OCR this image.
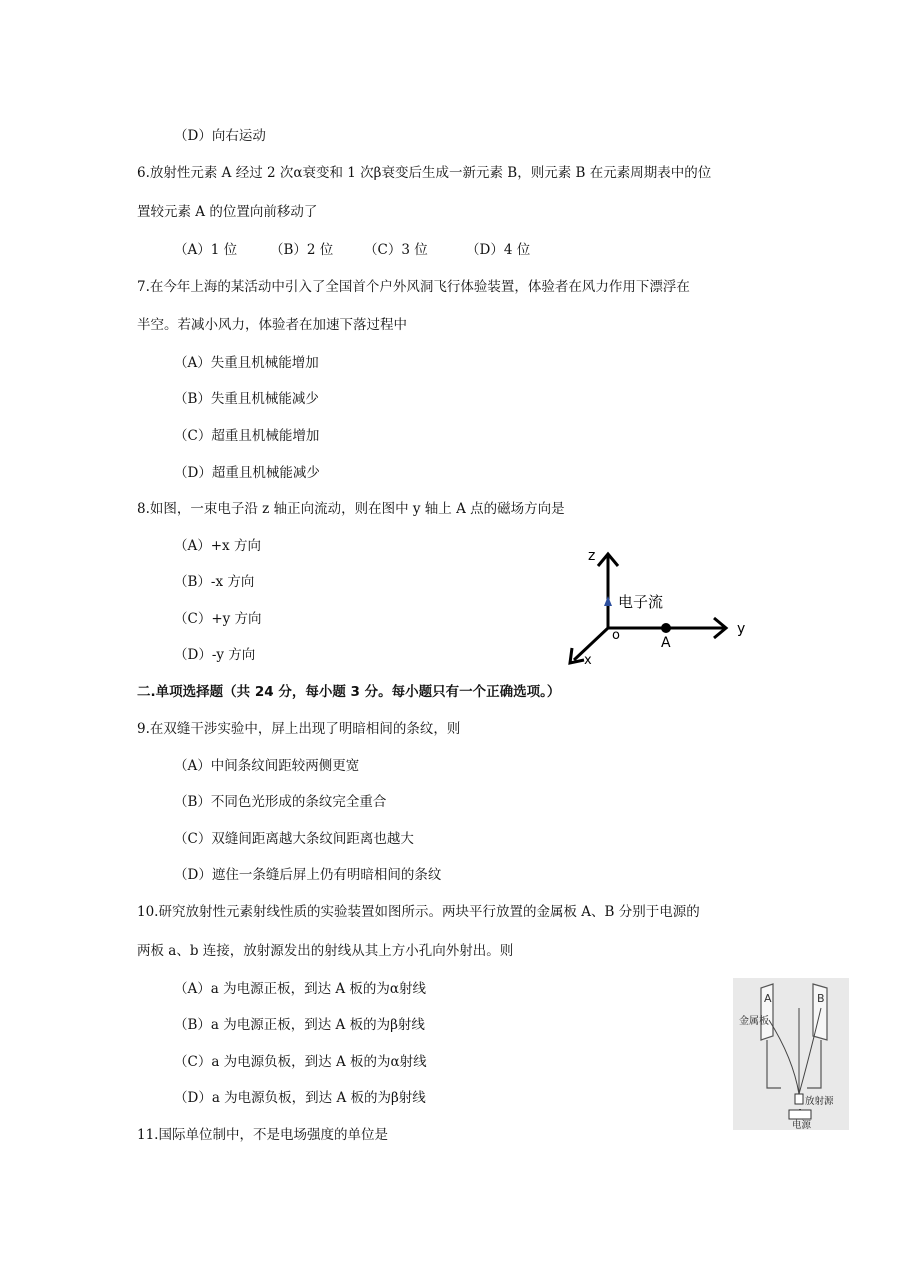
（D）向右运动
6.放射性元素 A 经过 2 次α衰变和 1 次β衰变后生成一新元素 B，则元素 B 在元素周期表中的位
置较元素 A 的位置向前移动了
（A）1 位 （B）2 位 （C）3 位	（D）4 位
7.在今年上海的某活动中引入了全国首个户外风洞飞行体验装置，体验者在风力作用下漂浮在
半空。若减小风力，体验者在加速下落过程中
（A）失重且机械能增加
（B）失重且机械能减少
（C）超重且机械能增加
（D）超重且机械能减少
8.如图，一束电子沿 z 轴正向流动，则在图中 y 轴上 A 点的磁场方向是
（A）+x 方向
（B）-x 方向
（C）+y 方向
（D）-y 方向
z
电子流
y
x
o	A
二.单项选择题（共 24 分，每小题 3 分。每小题只有一个正确选项。）
9.在双缝干涉实验中，屏上出现了明暗相间的条纹，则
（A）中间条纹间距较两侧更宽
（B）不同色光形成的条纹完全重合
（C）双缝间距离越大条纹间距离也越大
（D）遮住一条缝后屏上仍有明暗相间的条纹
10.研究放射性元素射线性质的实验装置如图所示。两块平行放置的金属板 A、B 分别于电源的
两板 a、b 连接，放射源发出的射线从其上方小孔向外射出。则
（A）a 为电源正板，到达 A 板的为α射线
（B）a 为电源正板，到达 A 板的为β射线
（C）a 为电源负板，到达 A 板的为α射线
（D）a 为电源负板，到达 A 板的为β射线
A	B
金属板
放射源
电源
11.国际单位制中，不是电场强度的单位是
